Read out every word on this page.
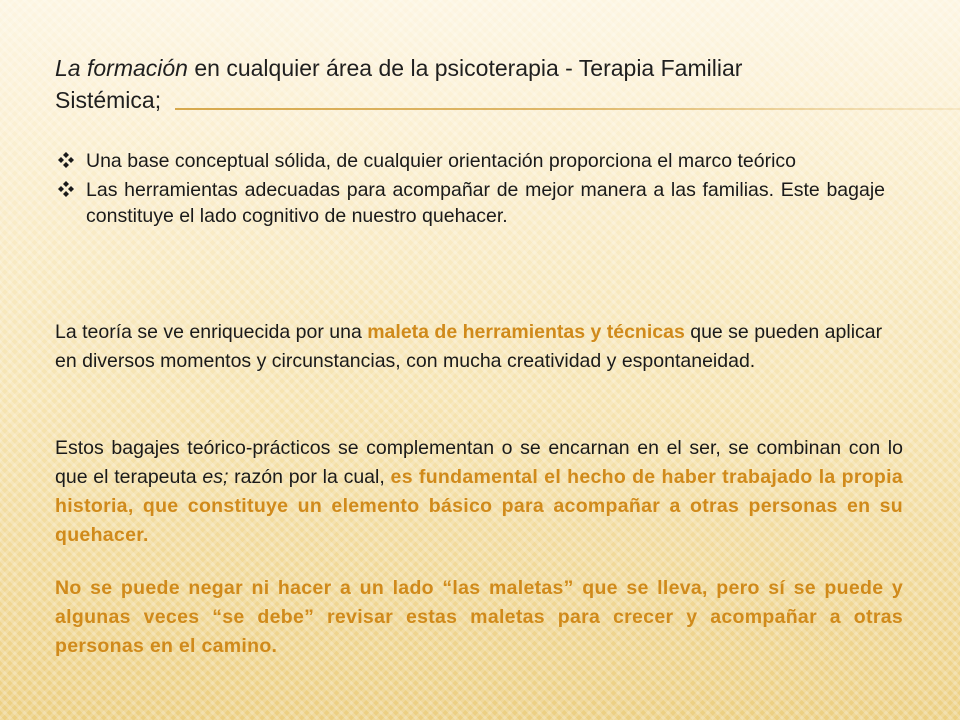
La formación en cualquier área de la psicoterapia - Terapia Familiar
Sistémica;
Una base conceptual sólida, de cualquier orientación proporciona el marco teórico
Las herramientas adecuadas para acompañar de mejor manera a las familias. Este bagaje constituye el lado cognitivo de nuestro quehacer.

La teoría se ve enriquecida por una maleta de herramientas y técnicas que se pueden aplicar en diversos momentos y circunstancias, con mucha creatividad y espontaneidad.

Estos bagajes teórico-prácticos se complementan o se encarnan en el ser, se combinan con lo que el terapeuta es; razón por la cual, es fundamental el hecho de haber trabajado la propia historia, que constituye un elemento básico para acompañar a otras personas en su quehacer.

No se puede negar ni hacer a un lado “las maletas” que se lleva, pero sí se puede y algunas veces “se debe” revisar estas maletas para crecer y acompañar a otras personas en el camino.
